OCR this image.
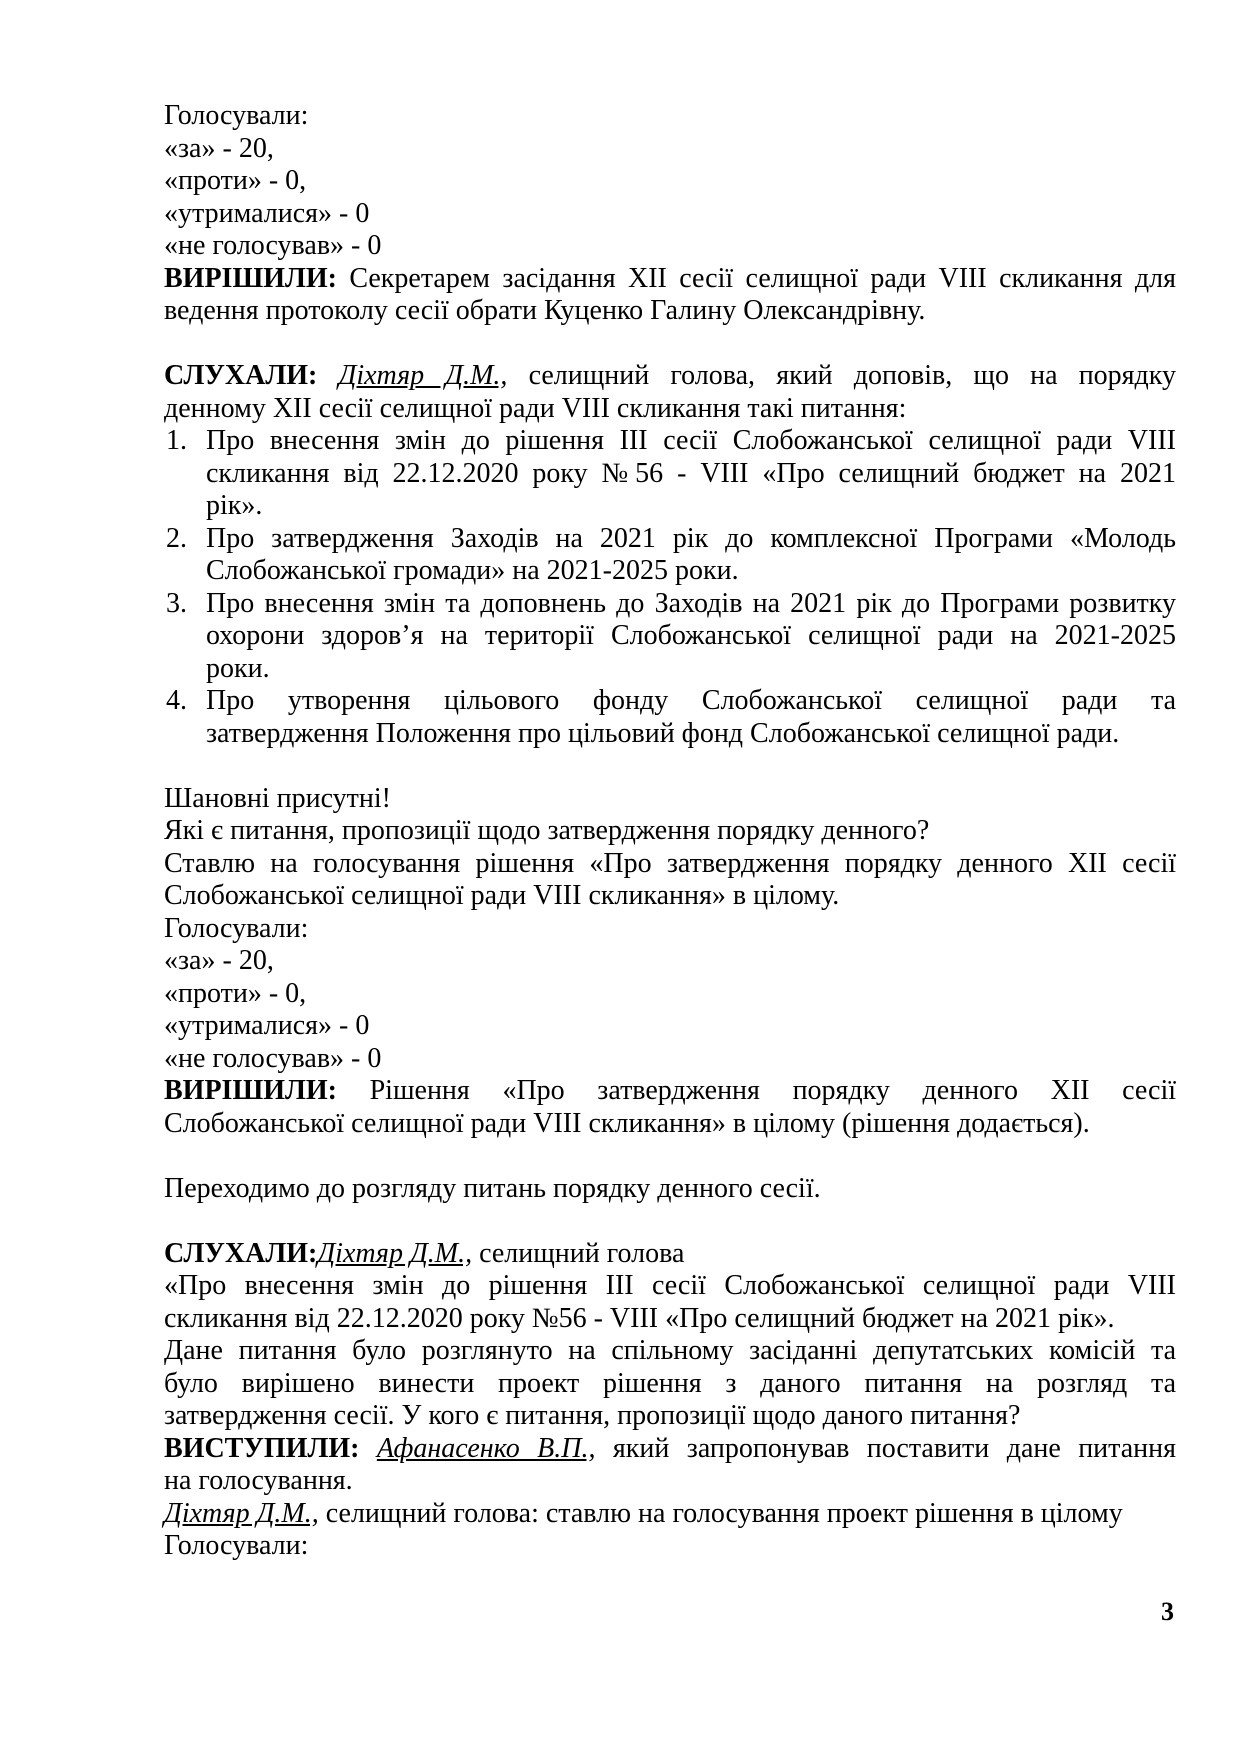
Голосували:
«за» - 20,
«проти» - 0,
«утрималися» - 0
«не голосував» - 0
ВИРІШИЛИ: Секретарем засідання ХІІ сесії селищної ради VIII скликання для
ведення протоколу сесії обрати Куценко Галину Олександрівну.
СЛУХАЛИ: Діхтяр Д.М., селищний голова, який доповів, що на порядку
денному ХІІ сесії селищної ради VIII скликання такі питання:
1. Про внесення змін до рішення ІІІ сесії Слобожанської селищної ради VIII
скликання від 22.12.2020 року №56 - VIII «Про селищний бюджет на 2021
рік».
2. Про затвердження Заходів на 2021 рік до комплексної Програми «Молодь
Слобожанської громади» на 2021-2025 роки.
3. Про внесення змін та доповнень до Заходів на 2021 рік до Програми розвитку
охорони здоров’я на території Слобожанської селищної ради на 2021-2025
роки.
4. Про утворення цільового фонду Слобожанської селищної ради та
затвердження Положення про цільовий фонд Слобожанської селищної ради.
Шановні присутні!
Які є питання, пропозиції щодо затвердження порядку денного?
Ставлю на голосування рішення «Про затвердження порядку денного ХІІ сесії
Слобожанської селищної ради VIII скликання» в цілому.
Голосували:
«за» - 20,
«проти» - 0,
«утрималися» - 0
«не голосував» - 0
ВИРІШИЛИ: Рішення «Про затвердження порядку денного ХІІ сесії
Слобожанської селищної ради VIII скликання» в цілому (рішення додається).
Переходимо до розгляду питань порядку денного сесії.
СЛУХАЛИ:Діхтяр Д.М., селищний голова
«Про внесення змін до рішення ІІІ сесії Слобожанської селищної ради VIII
скликання від 22.12.2020 року №56 - VIII «Про селищний бюджет на 2021 рік».
Дане питання було розглянуто на спільному засіданні депутатських комісій та
було вирішено винести проект рішення з даного питання на розгляд та
затвердження сесії. У кого є питання, пропозиції щодо даного питання?
ВИСТУПИЛИ: Афанасенко В.П., який запропонував поставити дане питання
на голосування.
Діхтяр Д.М., селищний голова: ставлю на голосування проект рішення в цілому
Голосували:
3
